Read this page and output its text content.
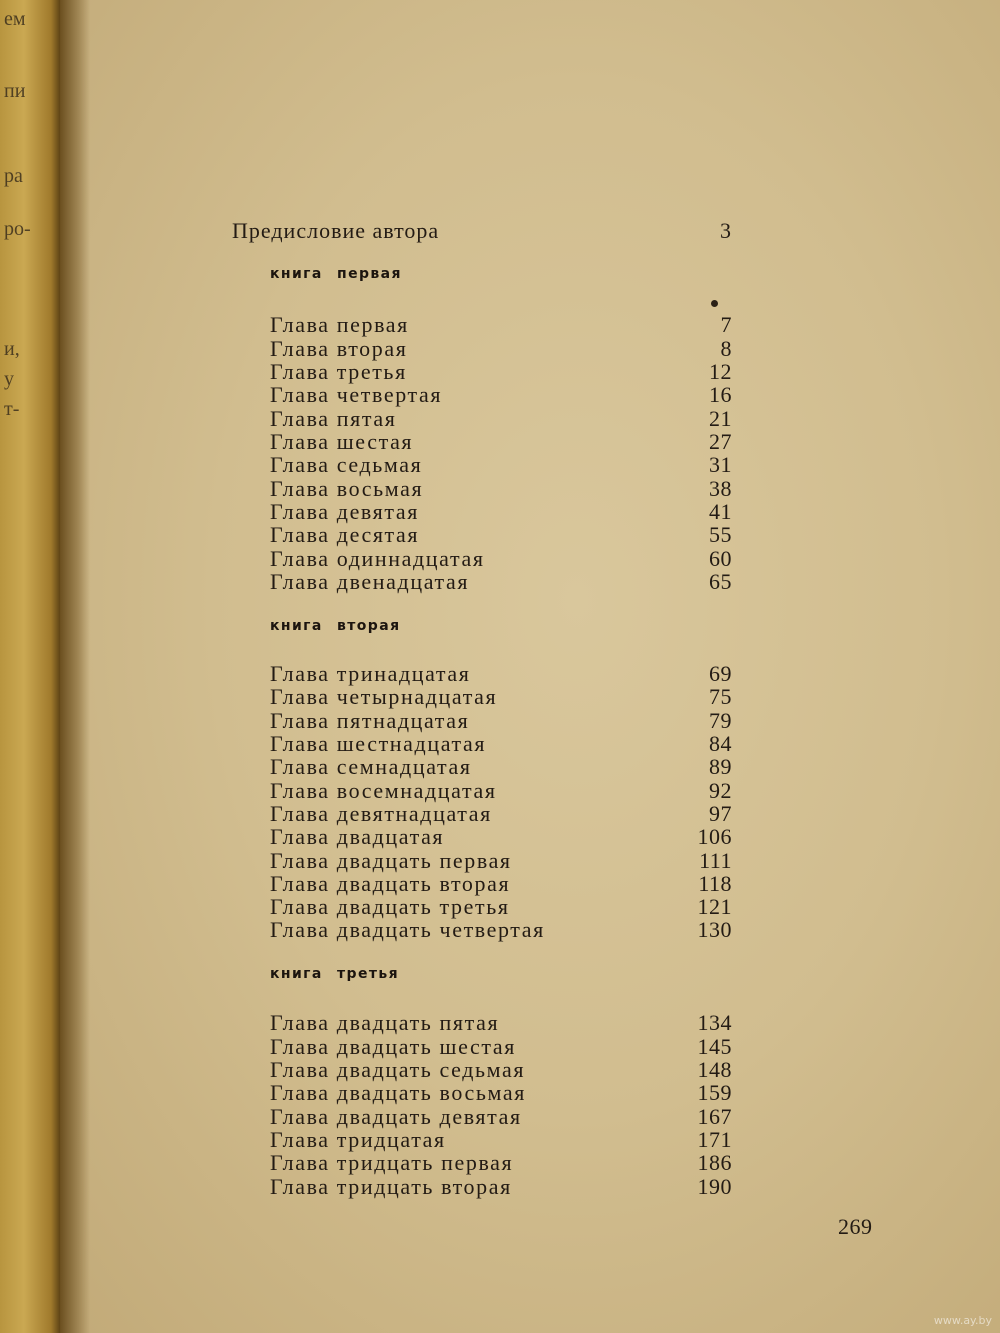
ем
пи
ра
ро-
и,
у
т-
Предисловие автора	3
книга первая
Глава первая	7
Глава вторая	8
Глава третья	12
Глава четвертая	16
Глава пятая	21
Глава шестая	27
Глава седьмая	31
Глава восьмая	38
Глава девятая	41
Глава десятая	55
Глава одиннадцатая	60
Глава двенадцатая	65
книга вторая
Глава тринадцатая	69
Глава четырнадцатая	75
Глава пятнадцатая	79
Глава шестнадцатая	84
Глава семнадцатая	89
Глава восемнадцатая	92
Глава девятнадцатая	97
Глава двадцатая	106
Глава двадцать первая	111
Глава двадцать вторая	118
Глава двадцать третья	121
Глава двадцать четвертая	130
книга третья
Глава двадцать пятая	134
Глава двадцать шестая	145
Глава двадцать седьмая	148
Глава двадцать восьмая	159
Глава двадцать девятая	167
Глава тридцатая	171
Глава тридцать первая	186
Глава тридцать вторая	190
269
www.ay.by
